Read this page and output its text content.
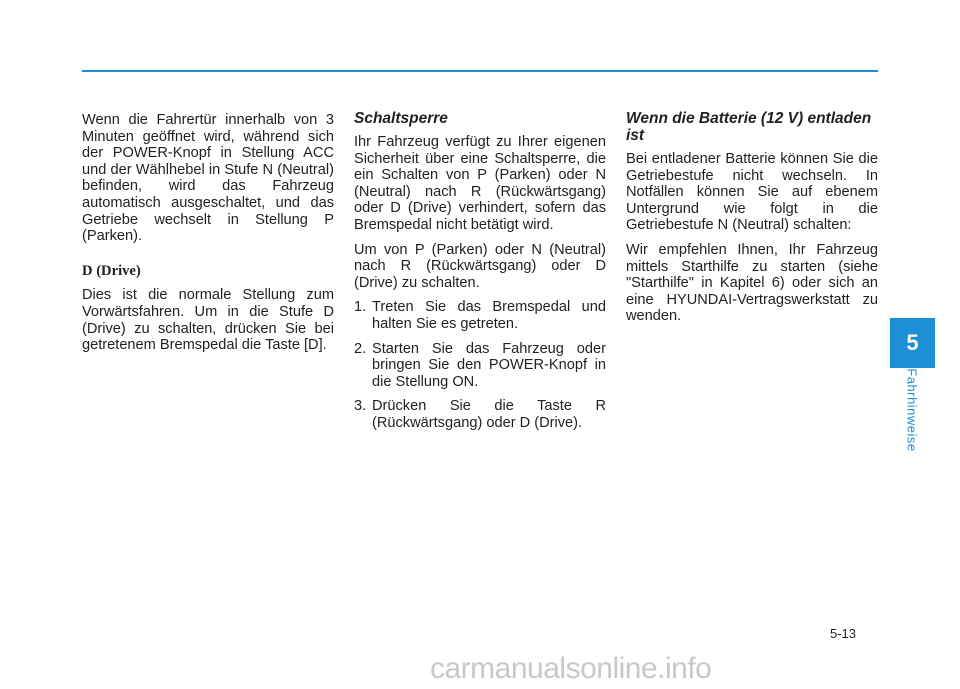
Wenn die Fahrertür innerhalb von 3 Minuten geöffnet wird, während sich der POWER-Knopf in Stellung ACC und der Wählhebel in Stufe N (Neutral) befinden, wird das Fahrzeug automatisch ausgeschaltet, und das Getriebe wechselt in Stellung P (Parken).

D (Drive)

Dies ist die normale Stellung zum Vorwärtsfahren. Um in die Stufe D (Drive) zu schalten, drücken Sie bei getretenem Bremspedal die Taste [D].

Schaltsperre

Ihr Fahrzeug verfügt zu Ihrer eigenen Sicherheit über eine Schaltsperre, die ein Schalten von P (Parken) oder N (Neutral) nach R (Rückwärtsgang) oder D (Drive) verhindert, sofern das Bremspedal nicht betätigt wird.

Um von P (Parken) oder N (Neutral) nach R (Rückwärtsgang) oder D (Drive) zu schalten.

1. Treten Sie das Bremspedal und halten Sie es getreten.
2. Starten Sie das Fahrzeug oder bringen Sie den POWER-Knopf in die Stellung ON.
3. Drücken Sie die Taste R (Rückwärtsgang) oder D (Drive).
Wenn die Batterie (12 V) entladen ist

Bei entladener Batterie können Sie die Getriebestufe nicht wechseln. In Notfällen können Sie auf ebenem Untergrund wie folgt in die Getriebestufe N (Neutral) schalten:

Wir empfehlen Ihnen, Ihr Fahrzeug mittels Starthilfe zu starten (siehe "Starthilfe" in Kapitel 6) oder sich an eine HYUNDAI-Vertragswerkstatt zu wenden.

5
Fahrhinweise
5-13
carmanualsonline.info
